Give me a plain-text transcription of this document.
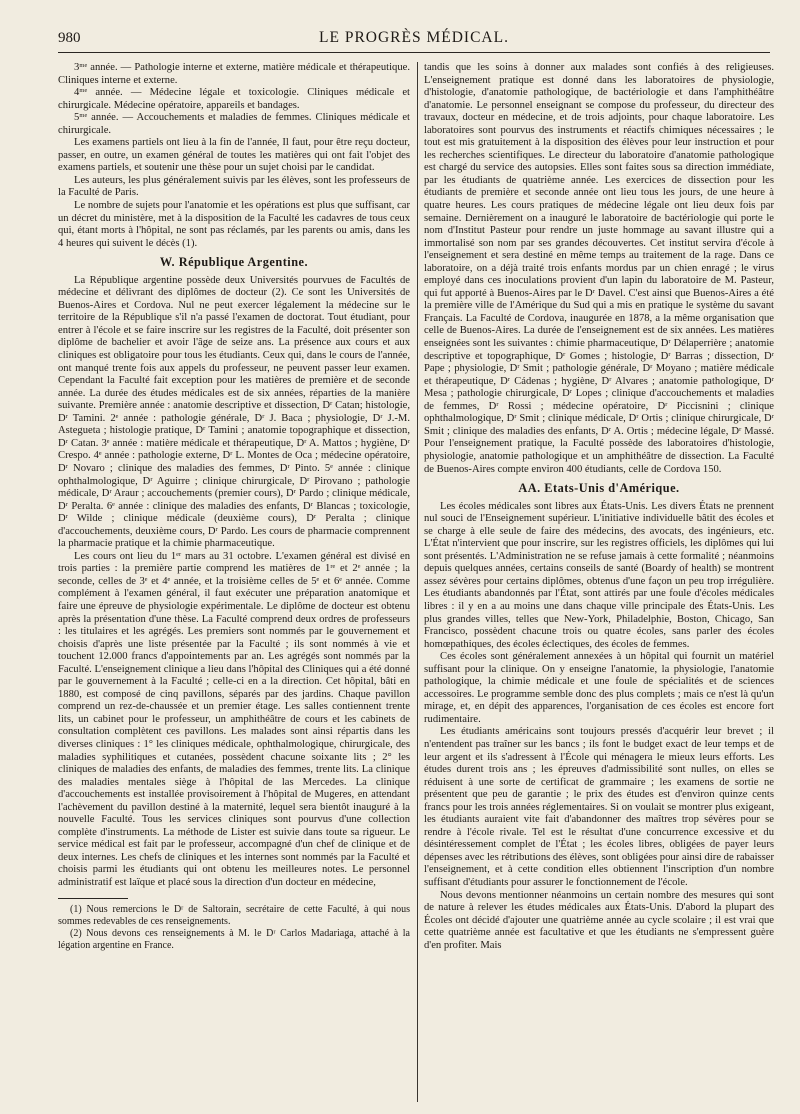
980	LE PROGRÈS MÉDICAL.

3ᵐᵉ année. — Pathologie interne et externe, matière médicale et thérapeutique. Cliniques interne et externe.

4ᵐᵉ année. — Médecine légale et toxicologie. Cliniques médicale et chirurgicale. Médecine opératoire, appareils et bandages.

5ᵐᵉ année. — Accouchements et maladies de femmes. Cliniques médicale et chirurgicale.

Les examens partiels ont lieu à la fin de l'année, Il faut, pour être reçu docteur, passer, en outre, un examen général de toutes les matières qui ont fait l'objet des examens partiels, et soutenir une thèse pour un sujet choisi par le candidat.

Les auteurs, les plus généralement suivis par les élèves, sont les professeurs de la Faculté de Paris.

Le nombre de sujets pour l'anatomie et les opérations est plus que suffisant, car un décret du ministère, met à la disposition de la Faculté les cadavres de tous ceux qui, étant morts à l'hôpital, ne sont pas réclamés, par les parents ou amis, dans les 4 heures qui suivent le décès (1).

W. République Argentine.

La République argentine possède deux Universités pourvues de Facultés de médecine et délivrant des diplômes de docteur (2). Ce sont les Universités de Buenos-Aires et Cordova. Nul ne peut exercer légalement la médecine sur le territoire de la République s'il n'a passé l'examen de doctorat. Tout étudiant, pour entrer à l'école et se faire inscrire sur les registres de la Faculté, doit présenter son diplôme de bachelier et avoir l'âge de seize ans. La présence aux cours et aux cliniques est obligatoire pour tous les étudiants. Ceux qui, dans le cours de l'année, ont manqué trente fois aux appels du professeur, ne peuvent passer leur examen. Cependant la Faculté fait exception pour les matières de première et de seconde année. La durée des études médicales est de six années, réparties de la manière suivante. Première année : anatomie descriptive et dissection, Dʳ Catan; histologie, Dʳ Tamini. 2ᵉ année : pathologie générale, Dʳ J. Baca ; physiologie, Dʳ J.-M. Astegueta ; histologie pratique, Dʳ Tamini ; anatomie topographique et dissection, Dʳ Catan. 3ᵉ année : matière médicale et thérapeutique, Dʳ A. Mattos ; hygiène, Dʳ Crespo. 4ᵉ année : pathologie externe, Dʳ L. Montes de Oca ; médecine opératoire, Dʳ Novaro ; clinique des maladies des femmes, Dʳ Pinto. 5ᵉ année : clinique ophthalmologique, Dʳ Aguirre ; clinique chirurgicale, Dʳ Pirovano ; pathologie médicale, Dʳ Araur ; accouchements (premier cours), Dʳ Pardo ; clinique médicale, Dʳ Peralta. 6ᵉ année : clinique des maladies des enfants, Dʳ Blancas ; toxicologie, Dʳ Wilde ; clinique médicale (deuxième cours), Dʳ Peralta ; clinique d'accouchements, deuxième cours, Dʳ Pardo. Les cours de pharmacie comprennent la pharmacie pratique et la chimie pharmaceutique.

Les cours ont lieu du 1ᵉʳ mars au 31 octobre. L'examen général est divisé en trois parties : la première partie comprend les matières de 1ʳᵉ et 2ᵉ année ; la seconde, celles de 3ᵉ et 4ᵉ année, et la troisième celles de 5ᵉ et 6ᵉ année. Comme complément à l'examen général, il faut exécuter une préparation anatomique et faire une épreuve de physiologie expérimentale. Le diplôme de docteur est obtenu après la présentation d'une thèse. La Faculté comprend deux ordres de professeurs : les titulaires et les agrégés. Les premiers sont nommés par le gouvernement et choisis d'après une liste présentée par la Faculté ; ils sont nommés à vie et touchent 12.000 francs d'appointements par an. Les agrégés sont nommés par la Faculté. L'enseignement clinique a lieu dans l'hôpital des Cliniques qui a été donné par le gouvernement à la Faculté ; celle-ci en a la direction. Cet hôpital, bâti en 1880, est composé de cinq pavillons, séparés par des jardins. Chaque pavillon comprend un rez-de-chaussée et un premier étage. Les salles contiennent trente lits, un cabinet pour le professeur, un amphithéâtre de cours et les cabinets de consultation complètent ces pavillons. Les malades sont ainsi répartis dans les diverses cliniques : 1° les cliniques médicale, ophthalmologique, chirurgicale, des maladies syphilitiques et cutanées, possèdent chacune soixante lits ; 2° les cliniques de maladies des enfants, de maladies des femmes, trente lits. La clinique des maladies mentales siège à l'hôpital de las Mercedes. La clinique d'accouchements est installée provisoirement à l'hôpital de Mugeres, en attendant l'achèvement du pavillon destiné à la maternité, lequel sera bientôt inauguré à la nouvelle Faculté. Tous les services cliniques sont pourvus d'une collection complète d'instruments. La méthode de Lister est suivie dans toute sa rigueur. Le service médical est fait par le professeur, accompagné d'un chef de clinique et de deux internes. Les chefs de cliniques et les internes sont nommés par la Faculté et choisis parmi les étudiants qui ont obtenu les meilleures notes. Le personnel administratif est laïque et placé sous la direction d'un docteur en médecine,

(1) Nous remercions le Dʳ de Saltorain, secrétaire de cette Faculté, à qui nous sommes redevables de ces renseignements.

(2) Nous devons ces renseignements à M. le Dʳ Carlos Madariaga, attaché à la légation argentine en France.

tandis que les soins à donner aux malades sont confiés à des religieuses. L'enseignement pratique est donné dans les laboratoires de physiologie, d'histologie, d'anatomie pathologique, de bactériologie et dans l'amphithéâtre d'anatomie. Le personnel enseignant se compose du professeur, du directeur des travaux, docteur en médecine, et de trois adjoints, pour chaque laboratoire. Les laboratoires sont pourvus des instruments et réactifs chimiques nécessaires ; le tout est mis gratuitement à la disposition des élèves pour leur instruction et pour les recherches scientifiques. Le directeur du laboratoire d'anatomie pathologique est chargé du service des autopsies. Elles sont faites sous sa direction immédiate, par les étudiants de quatrième année. Les exercices de dissection pour les étudiants de première et seconde année ont lieu tous les jours, de une heure à quatre heures. Les cours pratiques de médecine légale ont lieu deux fois par semaine. Dernièrement on a inauguré le laboratoire de bactériologie qui porte le nom d'Institut Pasteur pour rendre un juste hommage au savant illustre qui a immortalisé son nom par ses grandes découvertes. Cet institut servira d'école à l'enseignement et sera destiné en même temps au traitement de la rage. Dans ce laboratoire, on a déjà traité trois enfants mordus par un chien enragé ; le virus employé dans ces inoculations provient d'un lapin du laboratoire de M. Pasteur, qui fut apporté à Buenos-Aires par le Dʳ Davel. C'est ainsi que Buenos-Aires a été la première ville de l'Amérique du Sud qui a mis en pratique le système du savant Français. La Faculté de Cordova, inaugurée en 1878, a la même organisation que celle de Buenos-Aires. La durée de l'enseignement est de six années. Les matières enseignées sont les suivantes : chimie pharmaceutique, Dʳ Délaperrière ; anatomie descriptive et topographique, Dʳ Gomes ; histologie, Dʳ Barras ; dissection, Dʳ Pape ; physiologie, Dʳ Smit ; pathologie générale, Dʳ Moyano ; matière médicale et thérapeutique, Dʳ Cádenas ; hygiène, Dʳ Alvares ; anatomie pathologique, Dʳ Mesa ; pathologie chirurgicale, Dʳ Lopes ; clinique d'accouchements et maladies de femmes, Dʳ Rossi ; médecine opératoire, Dʳ Piccisnini ; clinique ophthalmologique, Dʳ Smit ; clinique médicale, Dʳ Ortis ; clinique chirurgicale, Dʳ Smit ; clinique des maladies des enfants, Dʳ A. Ortis ; médecine légale, Dʳ Massé. Pour l'enseignement pratique, la Faculté possède des laboratoires d'histologie, physiologie, anatomie pathologique et un amphithéâtre de dissection. La Faculté de Buenos-Aires compte environ 400 étudiants, celle de Cordova 150.

AA. Etats-Unis d'Amérique.

Les écoles médicales sont libres aux États-Unis. Les divers États ne prennent nul souci de l'Enseignement supérieur. L'initiative individuelle bâtit des écoles et se charge à elle seule de faire des médecins, des avocats, des ingénieurs, etc. L'État n'intervient que pour inscrire, sur les registres officiels, les diplômes qui lui sont présentés. L'Administration ne se refuse jamais à cette formalité ; néanmoins depuis quelques années, certains conseils de santé (Boardy of health) se montrent assez sévères pour certains diplômes, obtenus d'une façon un peu trop irrégulière. Les étudiants abandonnés par l'État, sont attirés par une foule d'écoles médicales libres : il y en a au moins une dans chaque ville principale des États-Unis. Les plus grandes villes, telles que New-York, Philadelphie, Boston, Chicago, San Francisco, possèdent chacune trois ou quatre écoles, sans parler des écoles homœpathiques, des écoles éclectiques, des écoles de femmes.

Ces écoles sont généralement annexées à un hôpital qui fournit un matériel suffisant pour la clinique. On y enseigne l'anatomie, la physiologie, l'anatomie pathologique, la chimie médicale et une foule de spécialités et de sciences accessoires. Le programme semble donc des plus complets ; mais ce n'est là qu'un mirage, et, en dépit des apparences, l'organisation de ces écoles est encore fort rudimentaire.

Les étudiants américains sont toujours pressés d'acquérir leur brevet ; il n'entendent pas traîner sur les bancs ; ils font le budget exact de leur temps et de leur argent et ils s'adressent à l'École qui ménagera le mieux leurs efforts. Les études durent trois ans ; les épreuves d'admissibilité sont nulles, on elles se réduisent à une sorte de certificat de grammaire ; les examens de sortie ne présentent que peu de garantie ; le prix des études est d'environ quinze cents francs pour les trois années réglementaires. Si on voulait se montrer plus exigeant, les étudiants auraient vite fait d'abandonner des maîtres trop sévères pour se rendre à l'école rivale. Tel est le résultat d'une concurrence excessive et du désintéressement complet de l'État ; les écoles libres, obligées de payer leurs dépenses avec les rétributions des élèves, sont obligées pour ainsi dire de rabaisser l'enseignement, et à cette condition elles obtiennent l'inscription d'un nombre suffisant d'étudiants pour assurer le fonctionnement de l'école.

Nous devons mentionner néanmoins un certain nombre des mesures qui sont de nature à relever les études médicales aux États-Unis. D'abord la plupart des Écoles ont décidé d'ajouter une quatrième année au cycle scolaire ; il est vrai que cette quatrième année est facultative et que les étudiants ne s'empressent guère d'en profiter. Mais
